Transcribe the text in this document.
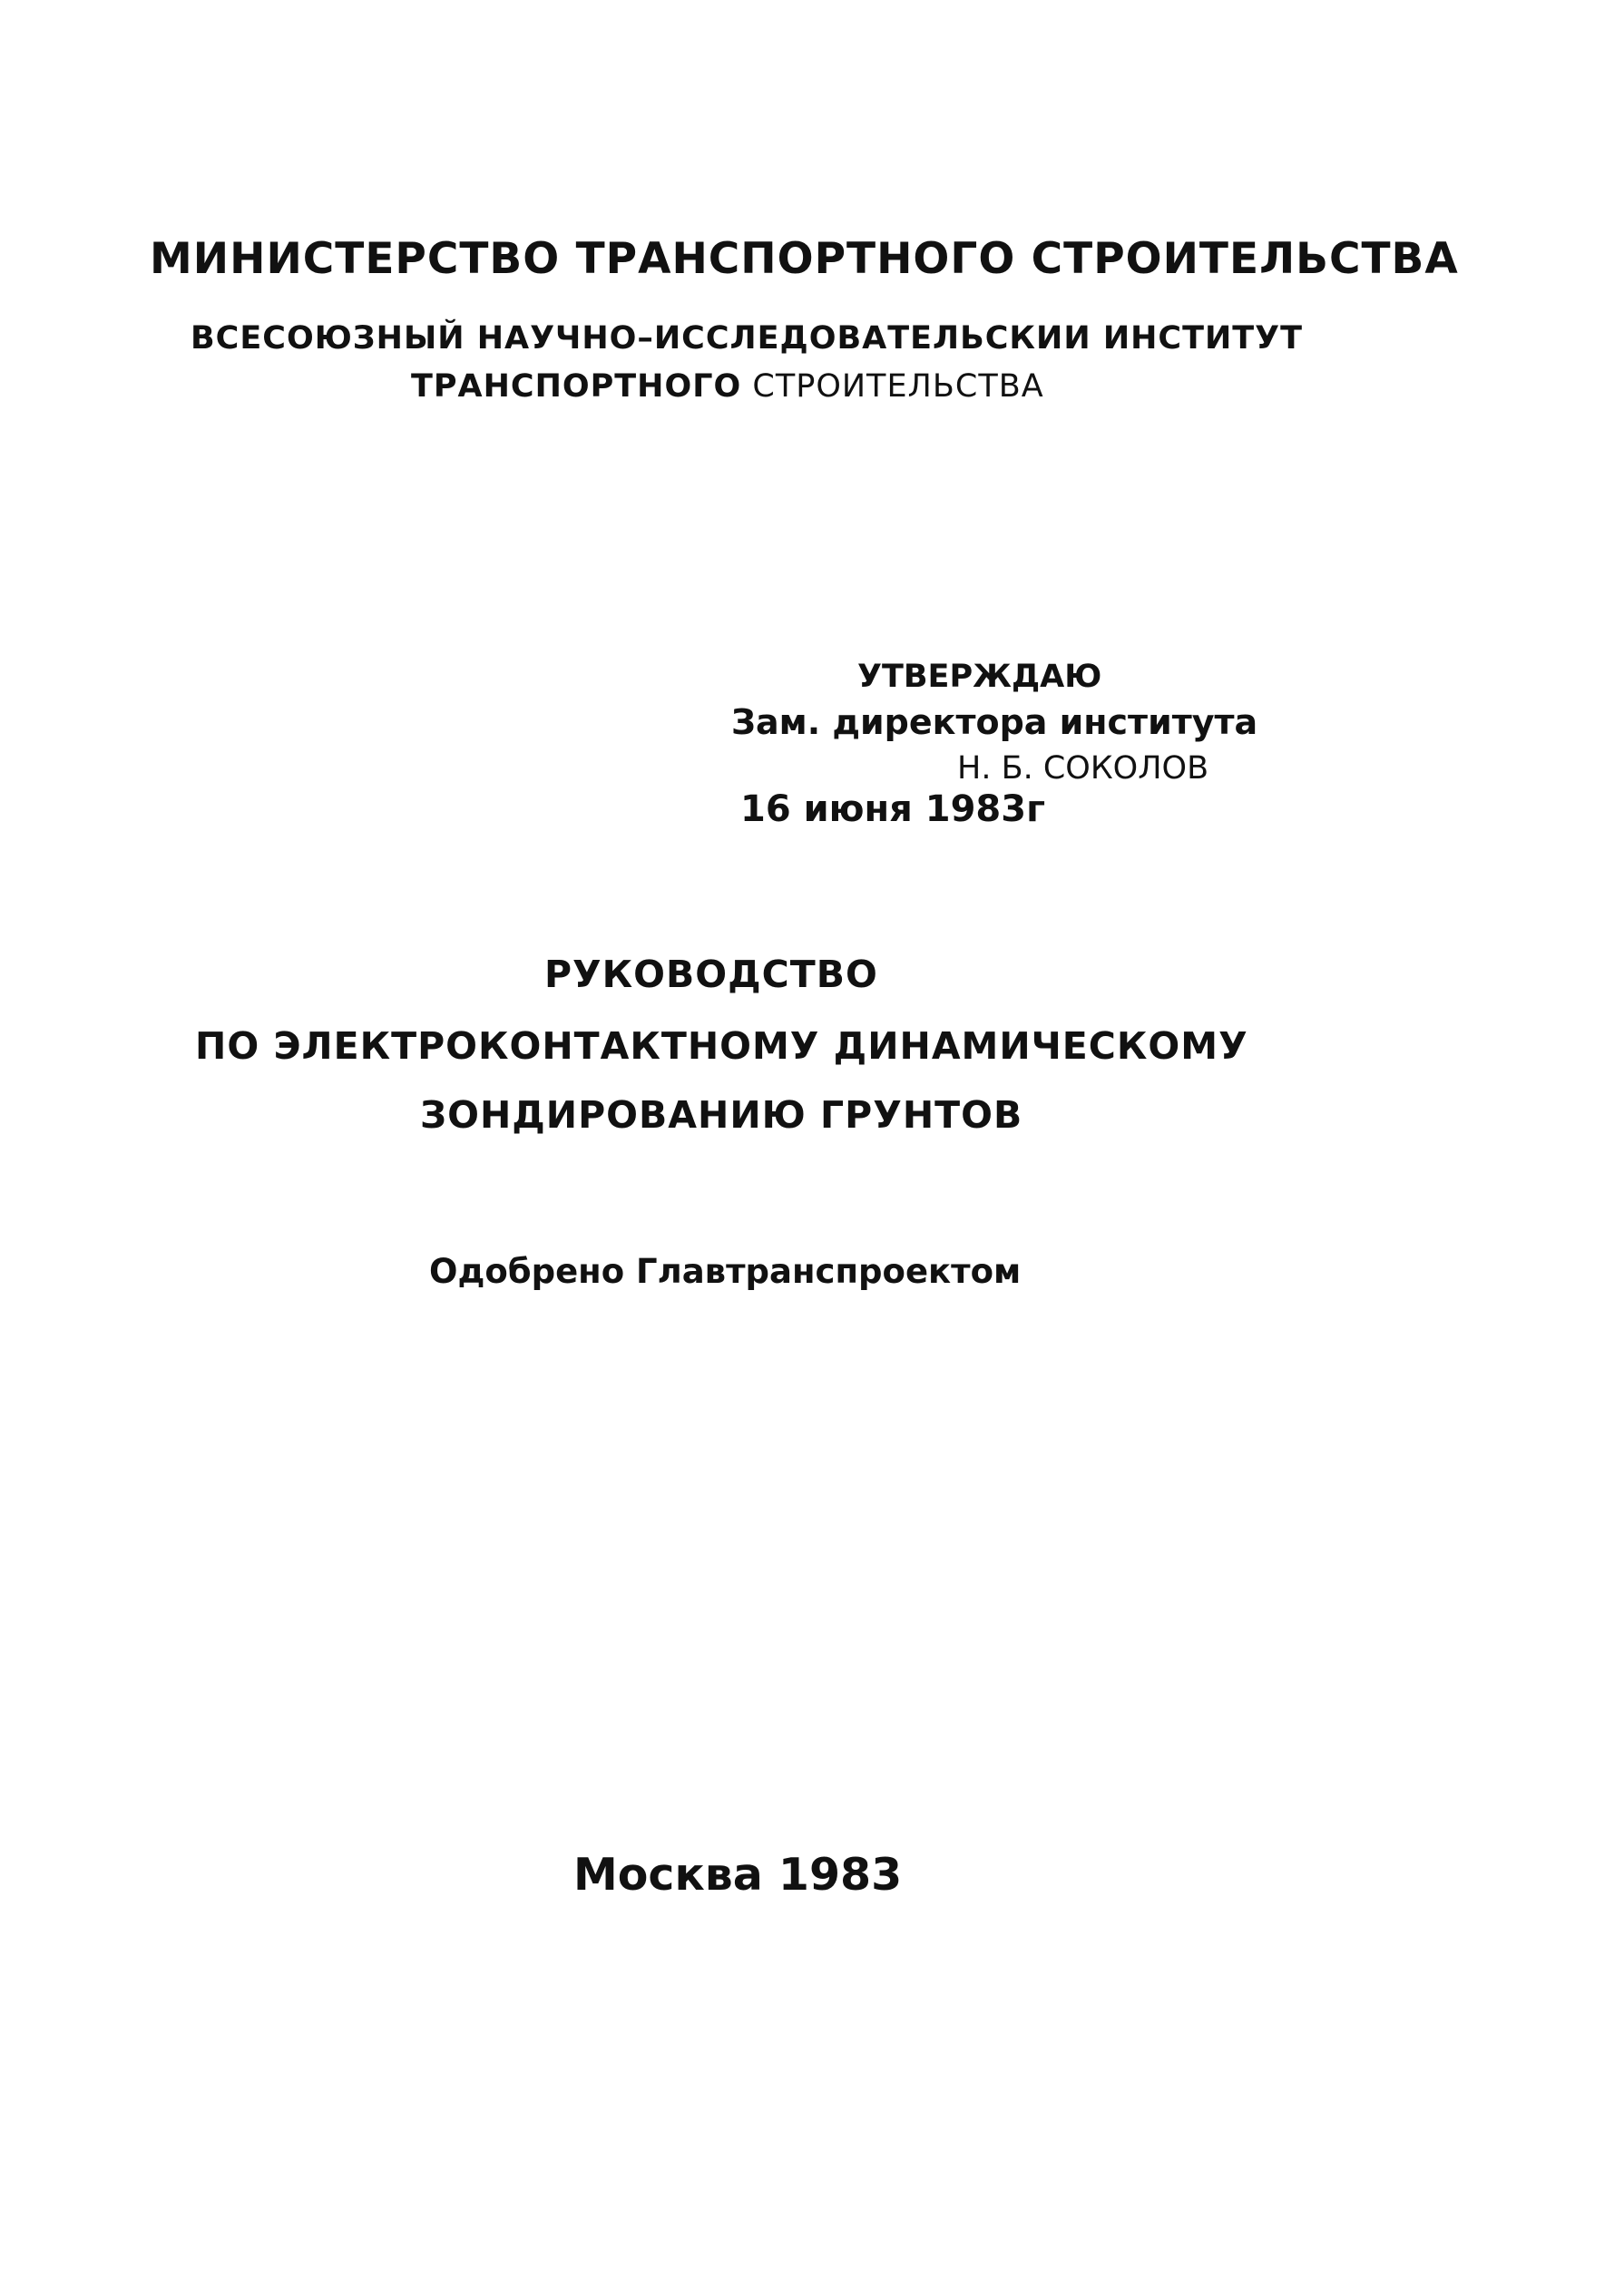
МИНИСТЕРСТВО ТРАНСПОРТНОГО СТРОИТЕЛЬСТВА
ВСЕСОЮЗНЫЙ НАУЧНО–ИССЛЕДОВАТЕЛЬСКИИ ИНСТИТУТ
ТРАНСПОРТНОГО СТРОИТЕЛЬСТВА
УТВЕРЖДАЮ
Зам. директора института
Н. Б. СОКОЛОВ
16 июня 1983г
РУКОВОДСТВО
ПО ЭЛЕКТРОКОНТАКТНОМУ ДИНАМИЧЕСКОМУ
ЗОНДИРОВАНИЮ ГРУНТОВ
Одобрено Главтранспроектом
Москва 1983
